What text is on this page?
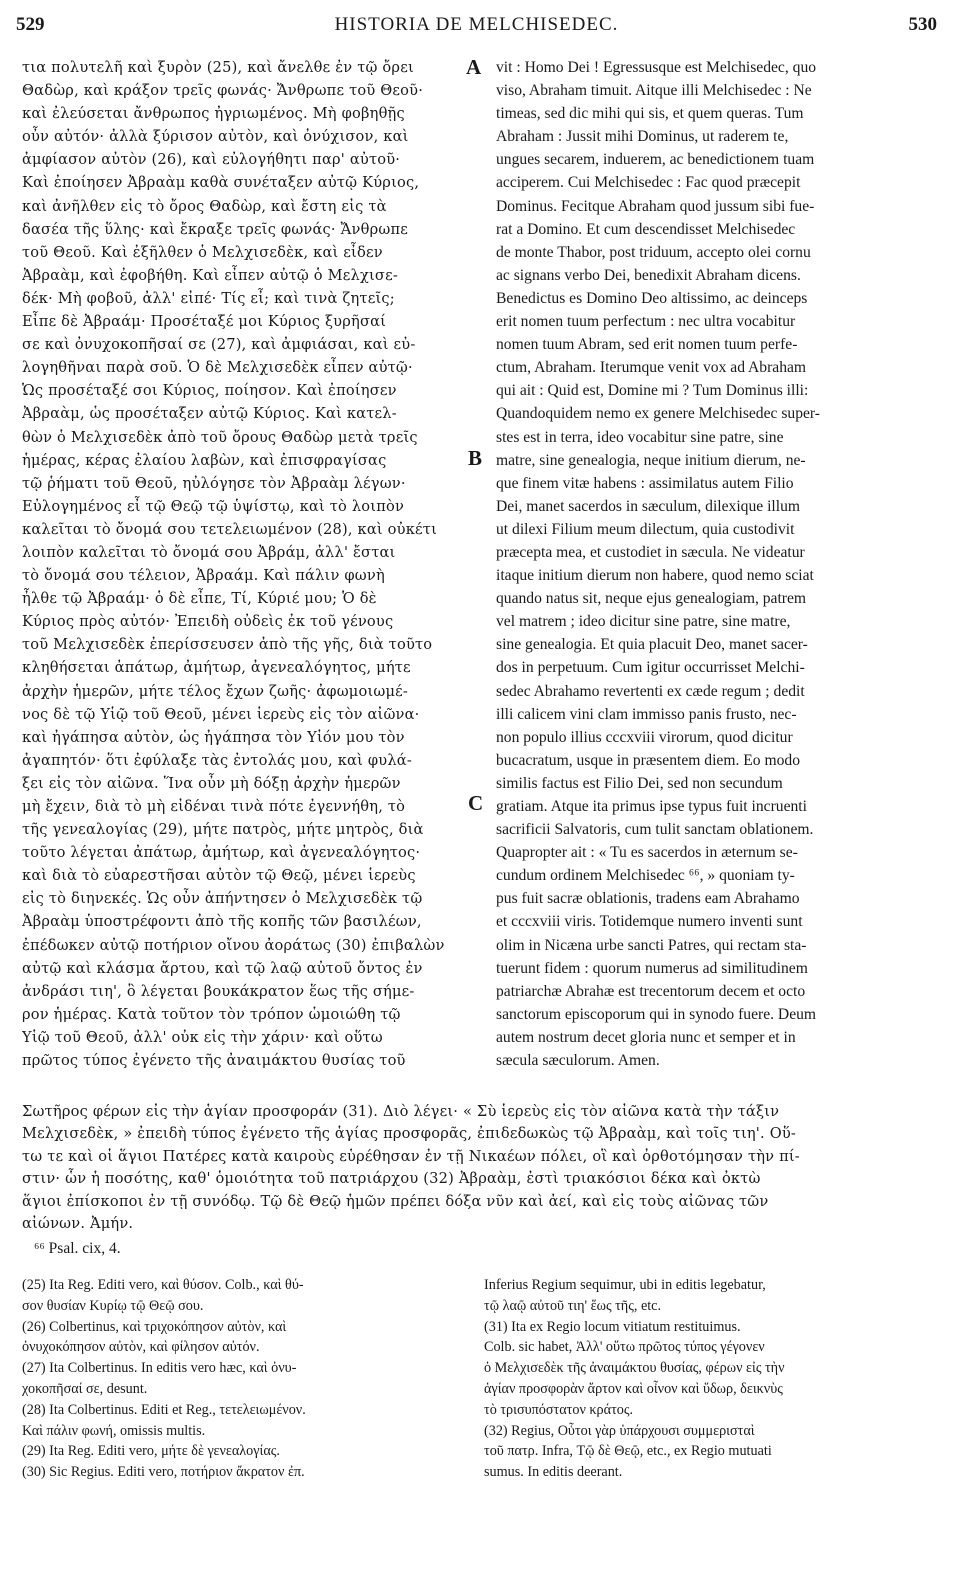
529	HISTORIA DE MELCHISEDEC.	530
τια πολυτελῆ καὶ ξυρὸν (25), καὶ ἄνελθε ἐν τῷ ὄρει
Θαδὼρ, καὶ κράξον τρεῖς φωνάς· Ἄνθρωπε τοῦ Θεοῦ·
καὶ ἐλεύσεται ἄνθρωπος ἠγριωμένος. Μὴ φοβηθῇς
οὖν αὐτόν· ἀλλὰ ξύρισον αὐτὸν, καὶ ὀνύχισον, καὶ
ἀμφίασον αὐτὸν (26), καὶ εὐλογήθητι παρ' αὐτοῦ·
Καὶ ἐποίησεν Ἀβραὰμ καθὰ συνέταξεν αὐτῷ Κύριος,
καὶ ἀνῆλθεν εἰς τὸ ὄρος Θαδὼρ, καὶ ἔστη εἰς τὰ
δασέα τῆς ὕλης· καὶ ἔκραξε τρεῖς φωνάς· Ἄνθρωπε
τοῦ Θεοῦ. Καὶ ἐξῆλθεν ὁ Μελχισεδὲκ, καὶ εἶδεν
Ἀβραὰμ, καὶ ἐφοβήθη. Καὶ εἶπεν αὐτῷ ὁ Μελχισε-
δέκ· Μὴ φοβοῦ, ἀλλ' εἰπέ· Τίς εἶ; καὶ τινὰ ζητεῖς;
Εἶπε δὲ Ἀβραάμ· Προσέταξέ μοι Κύριος ξυρῆσαί
σε καὶ ὀνυχοκοπῆσαί σε (27), καὶ ἀμφιάσαι, καὶ εὐ-
λογηθῆναι παρὰ σοῦ. Ὁ δὲ Μελχισεδὲκ εἶπεν αὐτῷ·
Ὡς προσέταξέ σοι Κύριος, ποίησον. Καὶ ἐποίησεν
Ἀβραὰμ, ὡς προσέταξεν αὐτῷ Κύριος. Καὶ κατελ-
θὼν ὁ Μελχισεδὲκ ἀπὸ τοῦ ὄρους Θαδὼρ μετὰ τρεῖς
ἡμέρας, κέρας ἐλαίου λαβὼν, καὶ ἐπισφραγίσας
τῷ ῥήματι τοῦ Θεοῦ, ηὐλόγησε τὸν Ἀβραὰμ λέγων·
Εὐλογημένος εἶ τῷ Θεῷ τῷ ὑψίστῳ, καὶ τὸ λοιπὸν
καλεῖται τὸ ὄνομά σου τετελειωμένον (28), καὶ οὐκέτι
λοιπὸν καλεῖται τὸ ὄνομά σου Ἀβράμ, ἀλλ' ἔσται
τὸ ὄνομά σου τέλειον, Ἀβραάμ. Καὶ πάλιν φωνὴ
ἦλθε τῷ Ἀβραάμ· ὁ δὲ εἶπε, Τί, Κύριέ μου; Ὁ δὲ
Κύριος πρὸς αὐτόν· Ἐπειδὴ οὐδεὶς ἐκ τοῦ γένους
τοῦ Μελχισεδὲκ ἐπερίσσευσεν ἀπὸ τῆς γῆς, διὰ τοῦτο
κληθήσεται ἀπάτωρ, ἀμήτωρ, ἀγενεαλόγητος, μήτε
ἀρχὴν ἡμερῶν, μήτε τέλος ἔχων ζωῆς· ἀφωμοιωμέ-
νος δὲ τῷ Υἱῷ τοῦ Θεοῦ, μένει ἱερεὺς εἰς τὸν αἰῶνα·
καὶ ἠγάπησα αὐτὸν, ὡς ἠγάπησα τὸν Υἱόν μου τὸν
ἀγαπητόν· ὅτι ἐφύλαξε τὰς ἐντολάς μου, καὶ φυλά-
ξει εἰς τὸν αἰῶνα. Ἵνα οὖν μὴ δόξῃ ἀρχὴν ἡμερῶν
μὴ ἔχειν, διὰ τὸ μὴ εἰδέναι τινὰ πότε ἐγεννήθη, τὸ
τῆς γενεαλογίας (29), μήτε πατρὸς, μήτε μητρὸς, διὰ
τοῦτο λέγεται ἀπάτωρ, ἀμήτωρ, καὶ ἀγενεαλόγητος·
καὶ διὰ τὸ εὐαρεστῆσαι αὐτὸν τῷ Θεῷ, μένει ἱερεὺς
εἰς τὸ διηνεκές. Ὡς οὖν ἀπήντησεν ὁ Μελχισεδὲκ τῷ
Ἀβραὰμ ὑποστρέφοντι ἀπὸ τῆς κοπῆς τῶν βασιλέων,
ἐπέδωκεν αὐτῷ ποτήριον οἴνου ἀοράτως (30) ἐπιβαλὼν
αὐτῷ καὶ κλάσμα ἄρτου, καὶ τῷ λαῷ αὐτοῦ ὄντος ἐν
ἀνδράσι τιη', ὃ λέγεται βουκάκρατον ἕως τῆς σήμε-
ρον ἡμέρας. Κατὰ τοῦτον τὸν τρόπον ὡμοιώθη τῷ
Υἱῷ τοῦ Θεοῦ, ἀλλ' οὐκ εἰς τὴν χάριν· καὶ οὕτω
πρῶτος τύπος ἐγένετο τῆς ἀναιμάκτου θυσίας τοῦ
A
B
C
vit : Homo Dei ! Egressusque est Melchisedec, quo
viso, Abraham timuit. Aitque illi Melchisedec : Ne
timeas, sed dic mihi qui sis, et quem queras. Tum
Abraham : Jussit mihi Dominus, ut raderem te,
ungues secarem, induerem, ac benedictionem tuam
acciperem. Cui Melchisedec : Fac quod præcepit
Dominus. Fecitque Abraham quod jussum sibi fue-
rat a Domino. Et cum descendisset Melchisedec
de monte Thabor, post triduum, accepto olei cornu
ac signans verbo Dei, benedixit Abraham dicens.
Benedictus es Domino Deo altissimo, ac deinceps
erit nomen tuum perfectum : nec ultra vocabitur
nomen tuum Abram, sed erit nomen tuum perfe-
ctum, Abraham. Iterumque venit vox ad Abraham
qui ait : Quid est, Domine mi ? Tum Dominus illi:
Quandoquidem nemo ex genere Melchisedec super-
stes est in terra, ideo vocabitur sine patre, sine
matre, sine genealogia, neque initium dierum, ne-
que finem vitæ habens : assimilatus autem Filio
Dei, manet sacerdos in sæculum, dilexique illum
ut dilexi Filium meum dilectum, quia custodivit
præcepta mea, et custodiet in sæcula. Ne videatur
itaque initium dierum non habere, quod nemo sciat
quando natus sit, neque ejus genealogiam, patrem
vel matrem ; ideo dicitur sine patre, sine matre,
sine genealogia. Et quia placuit Deo, manet sacer-
dos in perpetuum. Cum igitur occurrisset Melchi-
sedec Abrahamo revertenti ex cæde regum ; dedit
illi calicem vini clam immisso panis frusto, nec-
non populo illius cccxviii virorum, quod dicitur
bucacratum, usque in præsentem diem. Eo modo
similis factus est Filio Dei, sed non secundum
gratiam. Atque ita primus ipse typus fuit incruenti
sacrificii Salvatoris, cum tulit sanctam oblationem.
Quapropter ait : « Tu es sacerdos in æternum se-
cundum ordinem Melchisedec ⁶⁶, » quoniam ty-
pus fuit sacræ oblationis, tradens eam Abrahamo
et cccxviii viris. Totidemque numero inventi sunt
olim in Nicæna urbe sancti Patres, qui rectam sta-
tuerunt fidem : quorum numerus ad similitudinem
patriarchæ Abrahæ est trecentorum decem et octo
sanctorum episcoporum qui in synodo fuere. Deum
autem nostrum decet gloria nunc et semper et in
sæcula sæculorum. Amen.
Σωτῆρος φέρων εἰς τὴν ἁγίαν προσφοράν (31). Διὸ λέγει· « Σὺ ἱερεὺς εἰς τὸν αἰῶνα κατὰ τὴν τάξιν
Μελχισεδὲκ, » ἐπειδὴ τύπος ἐγένετο τῆς ἁγίας προσφορᾶς, ἐπιδεδωκὼς τῷ Ἀβραὰμ, καὶ τοῖς τιη'. Οὕ-
τω τε καὶ οἱ ἅγιοι Πατέρες κατὰ καιροὺς εὑρέθησαν ἐν τῇ Νικαέων πόλει, οἳ καὶ ὀρθοτόμησαν τὴν πί-
στιν· ὧν ἡ ποσότης, καθ' ὁμοιότητα τοῦ πατριάρχου (32) Ἀβραὰμ, ἐστὶ τριακόσιοι δέκα καὶ ὀκτὼ
ἅγιοι ἐπίσκοποι ἐν τῇ συνόδῳ. Τῷ δὲ Θεῷ ἡμῶν πρέπει δόξα νῦν καὶ ἀεί, καὶ εἰς τοὺς αἰῶνας τῶν
αἰώνων. Ἀμήν.
⁶⁶ Psal. cix, 4.
(25) Ita Reg. Editi vero, καὶ θύσον. Colb., καὶ θύ-
σον θυσίαν Κυρίῳ τῷ Θεῷ σου.
(26) Colbertinus, καὶ τριχοκόπησον αὐτὸν, καὶ
ὀνυχοκόπησον αὐτὸν, καὶ φίλησον αὐτόν.
(27) Ita Colbertinus. In editis vero hæc, καὶ ὀνυ-
χοκοπῆσαί σε, desunt.
(28) Ita Colbertinus. Editi et Reg., τετελειωμένον.
Καὶ πάλιν φωνή, omissis multis.
(29) Ita Reg. Editi vero, μήτε δὲ γενεαλογίας.
(30) Sic Regius. Editi vero, ποτήριον ἄκρατον ἐπ.
Inferius Regium sequimur, ubi in editis legebatur,
τῷ λαῷ αὐτοῦ τιη' ἕως τῆς, etc.
(31) Ita ex Regio locum vitiatum restituimus.
Colb. sic habet, Ἀλλ' οὕτω πρῶτος τύπος γέγονεν
ὁ Μελχισεδὲκ τῆς ἀναιμάκτου θυσίας, φέρων εἰς τὴν
ἁγίαν προσφορὰν ἄρτον καὶ οἶνον καὶ ὕδωρ, δεικνὺς
τὸ τρισυπόστατον κράτος.
(32) Regius, Οὗτοι γὰρ ὑπάρχουσι συμμερισταὶ
τοῦ πατρ. Infra, Τῷ δὲ Θεῷ, etc., ex Regio mutuati
sumus. In editis deerant.
